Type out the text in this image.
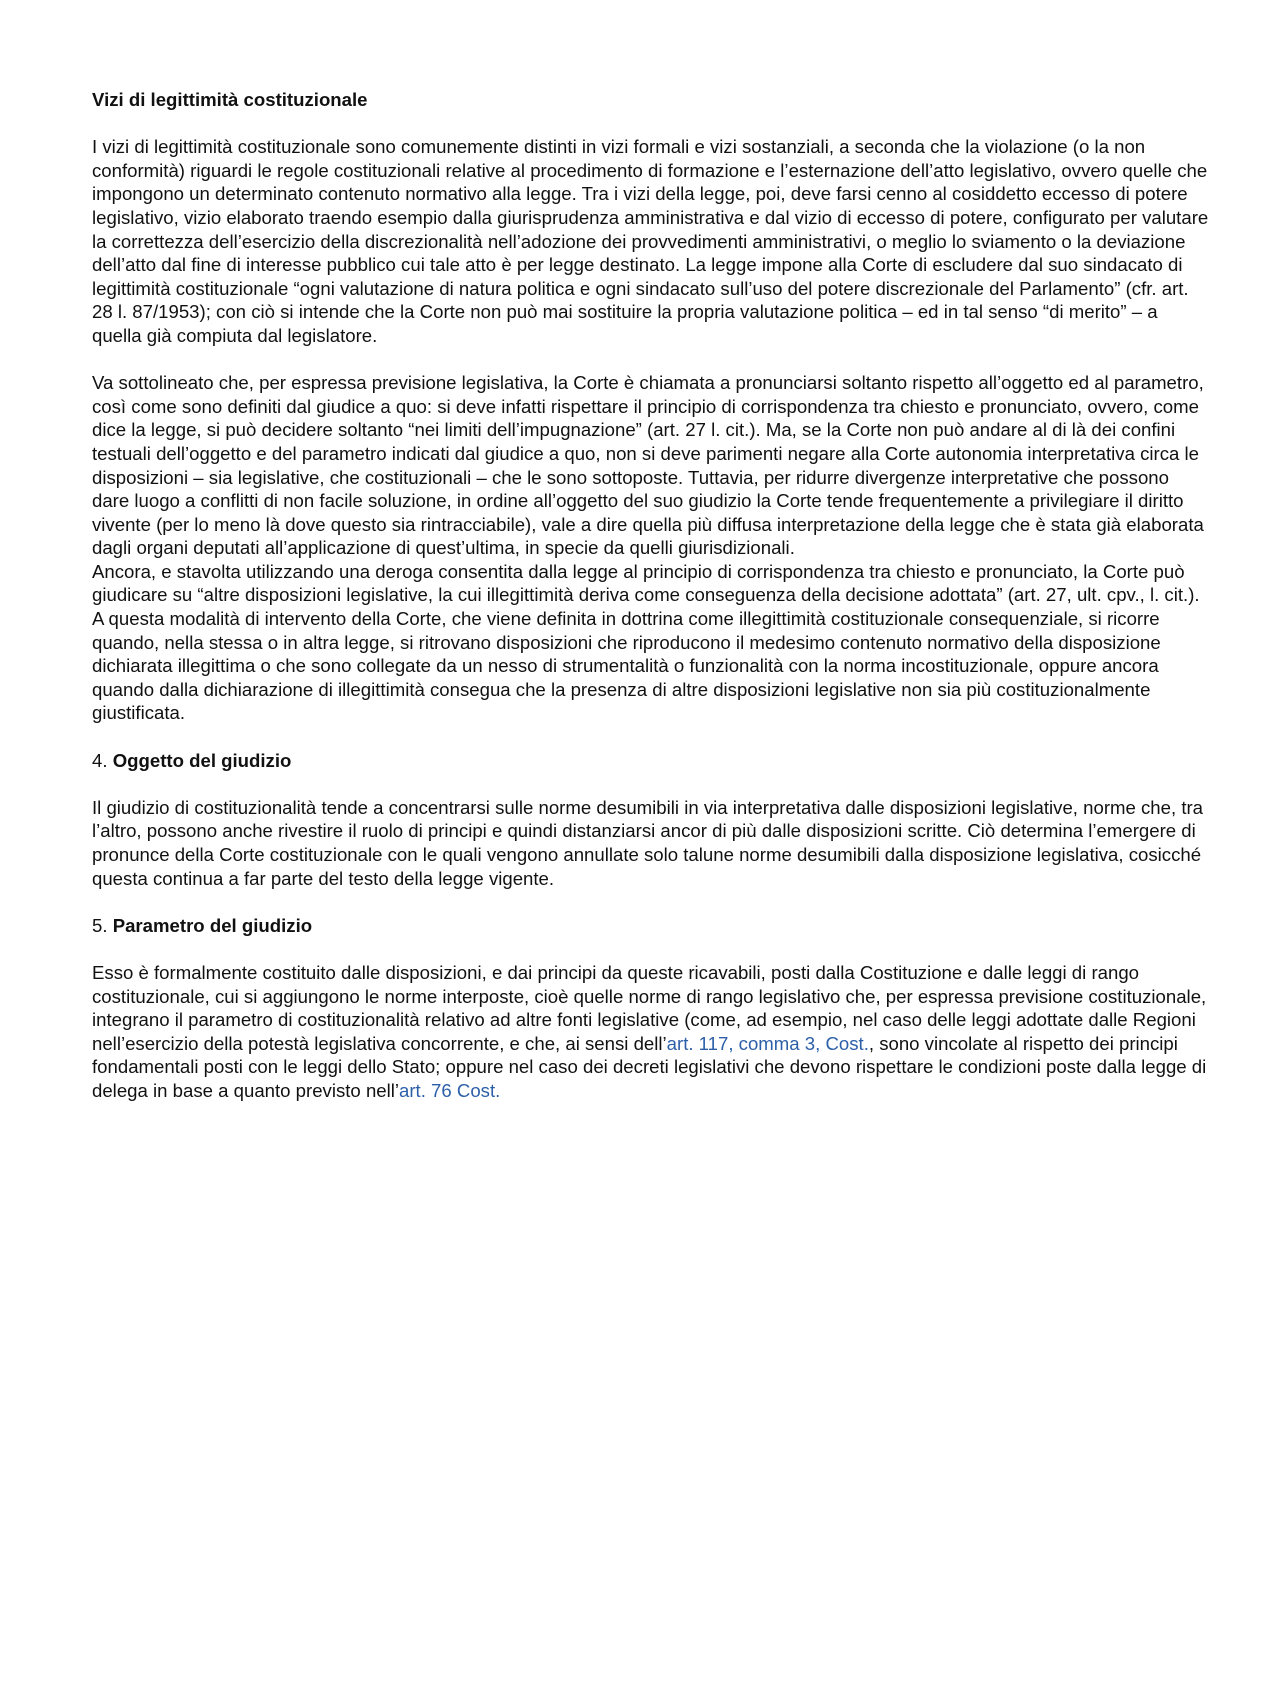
Vizi di legittimità costituzionale

I vizi di legittimità costituzionale sono comunemente distinti in vizi formali e vizi sostanziali, a seconda che la violazione (o la non conformità) riguardi le regole costituzionali relative al procedimento di formazione e l’esternazione dell’atto legislativo, ovvero quelle che impongono un determinato contenuto normativo alla legge. Tra i vizi della legge, poi, deve farsi cenno al cosiddetto eccesso di potere legislativo, vizio elaborato traendo esempio dalla giurisprudenza amministrativa e dal vizio di eccesso di potere, configurato per valutare la correttezza dell’esercizio della discrezionalità nell’adozione dei provvedimenti amministrativi, o meglio lo sviamento o la deviazione dell’atto dal fine di interesse pubblico cui tale atto è per legge destinato. La legge impone alla Corte di escludere dal suo sindacato di legittimità costituzionale “ogni valutazione di natura politica e ogni sindacato sull’uso del potere discrezionale del Parlamento” (cfr. art. 28 l. 87/1953); con ciò si intende che la Corte non può mai sostituire la propria valutazione politica – ed in tal senso “di merito” – a quella già compiuta dal legislatore.

Va sottolineato che, per espressa previsione legislativa, la Corte è chiamata a pronunciarsi soltanto rispetto all’oggetto ed al parametro, così come sono definiti dal giudice a quo: si deve infatti rispettare il principio di corrispondenza tra chiesto e pronunciato, ovvero, come dice la legge, si può decidere soltanto “nei limiti dell’impugnazione” (art. 27 l. cit.). Ma, se la Corte non può andare al di là dei confini testuali dell’oggetto e del parametro indicati dal giudice a quo, non si deve parimenti negare alla Corte autonomia interpretativa circa le disposizioni – sia legislative, che costituzionali – che le sono sottoposte. Tuttavia, per ridurre divergenze interpretative che possono dare luogo a conflitti di non facile soluzione, in ordine all’oggetto del suo giudizio la Corte tende frequentemente a privilegiare il diritto vivente (per lo meno là dove questo sia rintracciabile), vale a dire quella più diffusa interpretazione della legge che è stata già elaborata dagli organi deputati all’applicazione di quest’ultima, in specie da quelli giurisdizionali.

Ancora, e stavolta utilizzando una deroga consentita dalla legge al principio di corrispondenza tra chiesto e pronunciato, la Corte può giudicare su “altre disposizioni legislative, la cui illegittimità deriva come conseguenza della decisione adottata” (art. 27, ult. cpv., l. cit.). A questa modalità di intervento della Corte, che viene definita in dottrina come illegittimità costituzionale consequenziale, si ricorre quando, nella stessa o in altra legge, si ritrovano disposizioni che riproducono il medesimo contenuto normativo della disposizione dichiarata illegittima o che sono collegate da un nesso di strumentalità o funzionalità con la norma incostituzionale, oppure ancora quando dalla dichiarazione di illegittimità consegua che la presenza di altre disposizioni legislative non sia più costituzionalmente giustificata.

4. Oggetto del giudizio

Il giudizio di costituzionalità tende a concentrarsi sulle norme desumibili in via interpretativa dalle disposizioni legislative, norme che, tra l’altro, possono anche rivestire il ruolo di principi e quindi distanziarsi ancor di più dalle disposizioni scritte. Ciò determina l’emergere di pronunce della Corte costituzionale con le quali vengono annullate solo talune norme desumibili dalla disposizione legislativa, cosicché questa continua a far parte del testo della legge vigente.

5. Parametro del giudizio

Esso è formalmente costituito dalle disposizioni, e dai principi da queste ricavabili, posti dalla Costituzione e dalle leggi di rango costituzionale, cui si aggiungono le norme interposte, cioè quelle norme di rango legislativo che, per espressa previsione costituzionale, integrano il parametro di costituzionalità relativo ad altre fonti legislative (come, ad esempio, nel caso delle leggi adottate dalle Regioni nell’esercizio della potestà legislativa concorrente, e che, ai sensi dell’art. 117, comma 3, Cost., sono vincolate al rispetto dei principi fondamentali posti con le leggi dello Stato; oppure nel caso dei decreti legislativi che devono rispettare le condizioni poste dalla legge di delega in base a quanto previsto nell’art. 76 Cost.
